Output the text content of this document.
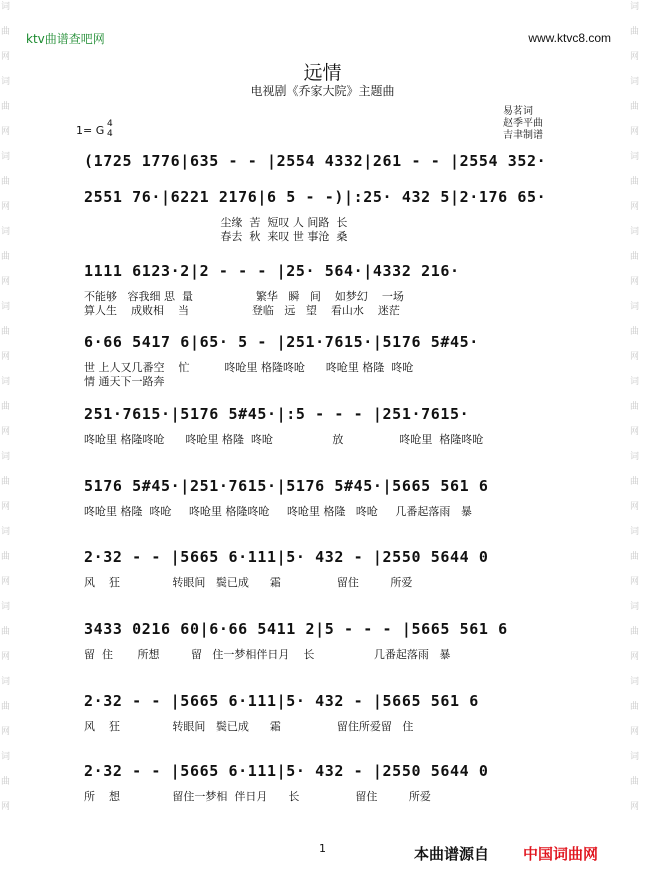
词
曲
网
词
曲
网
词
曲
网
词
曲
网
词
曲
网
词
曲
网
词
曲
网
词
曲
网
词
曲
网
词
曲
网
词
曲
网
词
曲
网
词
曲
网
词
曲
网
词
曲
网
词
曲
网
词
曲
网
词
曲
网
词
曲
网
词
曲
网
词
曲
网
词
曲
网
ktv曲谱查吧网	www.ktvc8.com
远情
电视剧《乔家大院》主题曲
易茗词
赵季平曲
吉聿制谱
1= G 4
4
(1725 1776|635 - - |2554 4332|261 - - |2554 352·
2551 76·|6221 2176|6 5 - -)|:25· 432 5|2·176 65·
尘缘  苦  短叹 人 间路  长
春去  秋  来叹 世 事沧  桑
1111 6123·2|2 - - - |25· 564·|4332 216·
不能够   容我细 思  量                  繁华   瞬   间    如梦幻    一场
算人生    成败相    当                  登临   远   望    看山水    迷茫
6·66 5417 6|65· 5 - |251·7615·|5176 5#45·
世 上人又几番空    忙          咚呛里 格隆咚呛      咚呛里 格隆  咚呛
情 通天下一路奔
251·7615·|5176 5#45·|:5 - - - |251·7615·
咚呛里 格隆咚呛      咚呛里 格隆  咚呛                 放                咚呛里  格隆咚呛
5176 5#45·|251·7615·|5176 5#45·|5665 561 6
咚呛里 格隆  咚呛     咚呛里 格隆咚呛     咚呛里 格隆   咚呛     几番起落雨   暴
2·32 - - |5665 6·111|5· 432 - |2550 5644 0
风    狂               转眼间   鬓已成      霜                留住         所爱
3433 0216 60|6·66 5411 2|5 - - - |5665 561 6
留  住       所想         留   住一梦相伴日月    长                 几番起落雨   暴
2·32 - - |5665 6·111|5· 432 - |5665 561 6
风    狂               转眼间   鬓已成      霜                留住所爱留   住
2·32 - - |5665 6·111|5· 432 - |2550 5644 0
所    想               留住一梦相  伴日月      长                留住         所爱
1	本曲谱源自 中国词曲网
